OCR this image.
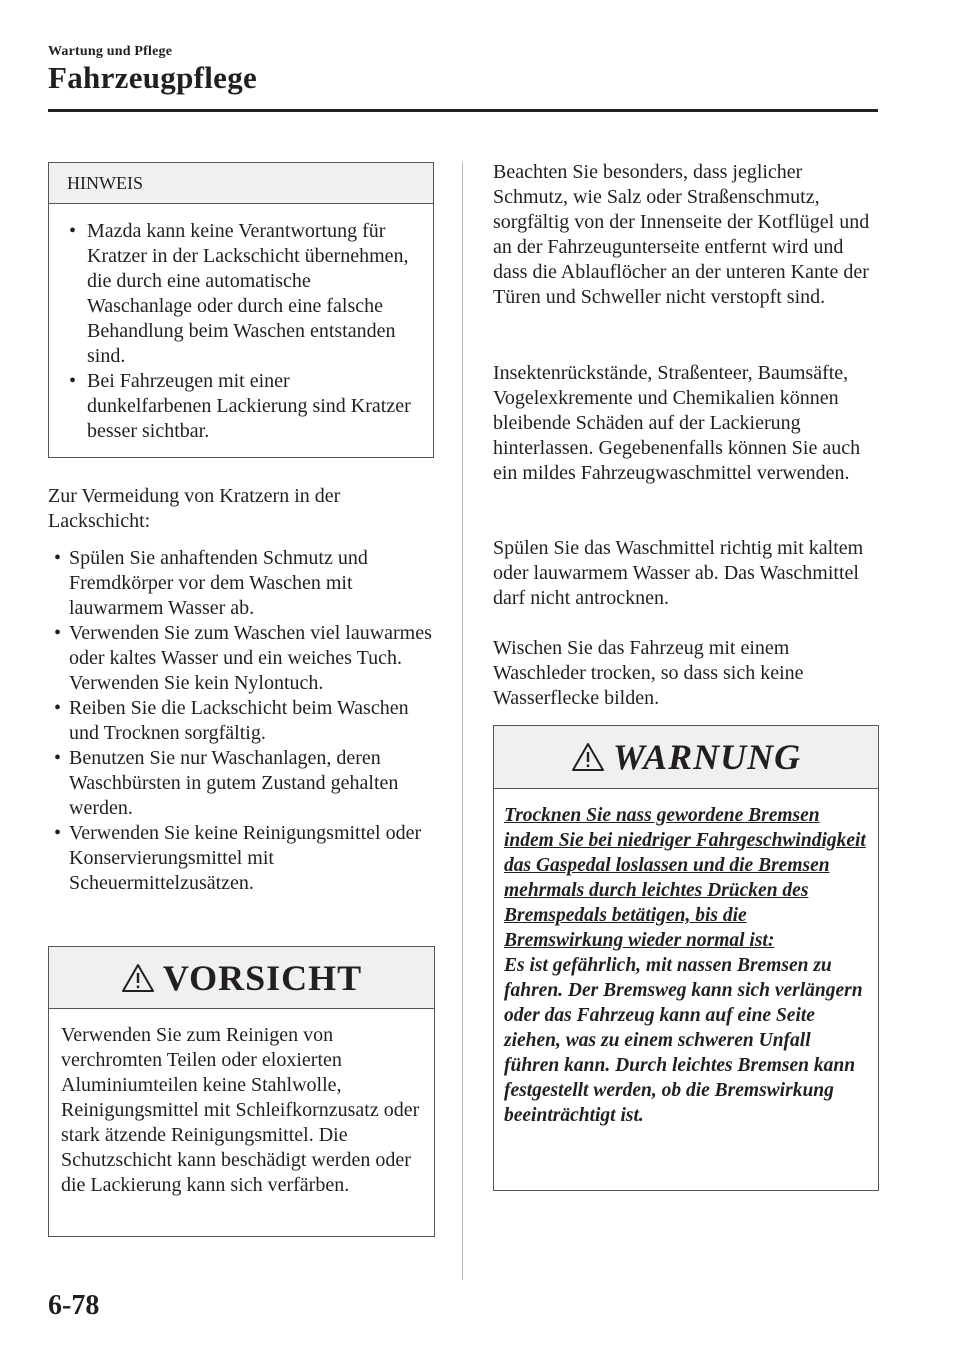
Wartung und Pflege
Fahrzeugpflege
HINWEIS
• Mazda kann keine Verantwortung für Kratzer in der Lackschicht übernehmen, die durch eine automatische Waschanlage oder durch eine falsche Behandlung beim Waschen entstanden sind.
• Bei Fahrzeugen mit einer dunkelfarbenen Lackierung sind Kratzer besser sichtbar.

Zur Vermeidung von Kratzern in der Lackschicht:

• Spülen Sie anhaftenden Schmutz und Fremdkörper vor dem Waschen mit lauwarmem Wasser ab.
• Verwenden Sie zum Waschen viel lauwarmes oder kaltes Wasser und ein weiches Tuch. Verwenden Sie kein Nylontuch.
• Reiben Sie die Lackschicht beim Waschen und Trocknen sorgfältig.
• Benutzen Sie nur Waschanlagen, deren Waschbürsten in gutem Zustand gehalten werden.
• Verwenden Sie keine Reinigungsmittel oder Konservierungsmittel mit Scheuermittelzusätzen.
VORSICHT

Verwenden Sie zum Reinigen von verchromten Teilen oder eloxierten Aluminiumteilen keine Stahlwolle, Reinigungsmittel mit Schleifkornzusatz oder stark ätzende Reinigungsmittel. Die Schutzschicht kann beschädigt werden oder die Lackierung kann sich verfärben.

Beachten Sie besonders, dass jeglicher Schmutz, wie Salz oder Straßenschmutz, sorgfältig von der Innenseite der Kotflügel und an der Fahrzeugunterseite entfernt wird und dass die Ablauflöcher an der unteren Kante der Türen und Schweller nicht verstopft sind.

Insektenrückstände, Straßenteer, Baumsäfte, Vogelexkremente und Chemikalien können bleibende Schäden auf der Lackierung hinterlassen. Gegebenenfalls können Sie auch ein mildes Fahrzeugwaschmittel verwenden.

Spülen Sie das Waschmittel richtig mit kaltem oder lauwarmem Wasser ab. Das Waschmittel darf nicht antrocknen.

Wischen Sie das Fahrzeug mit einem Waschleder trocken, so dass sich keine Wasserflecke bilden.

WARNUNG

Trocknen Sie nass gewordene Bremsen indem Sie bei niedriger Fahrgeschwindigkeit das Gaspedal loslassen und die Bremsen mehrmals durch leichtes Drücken des Bremspedals betätigen, bis die Bremswirkung wieder normal ist:
Es ist gefährlich, mit nassen Bremsen zu fahren. Der Bremsweg kann sich verlängern oder das Fahrzeug kann auf eine Seite ziehen, was zu einem schweren Unfall führen kann. Durch leichtes Bremsen kann festgestellt werden, ob die Bremswirkung beeinträchtigt ist.

6-78
